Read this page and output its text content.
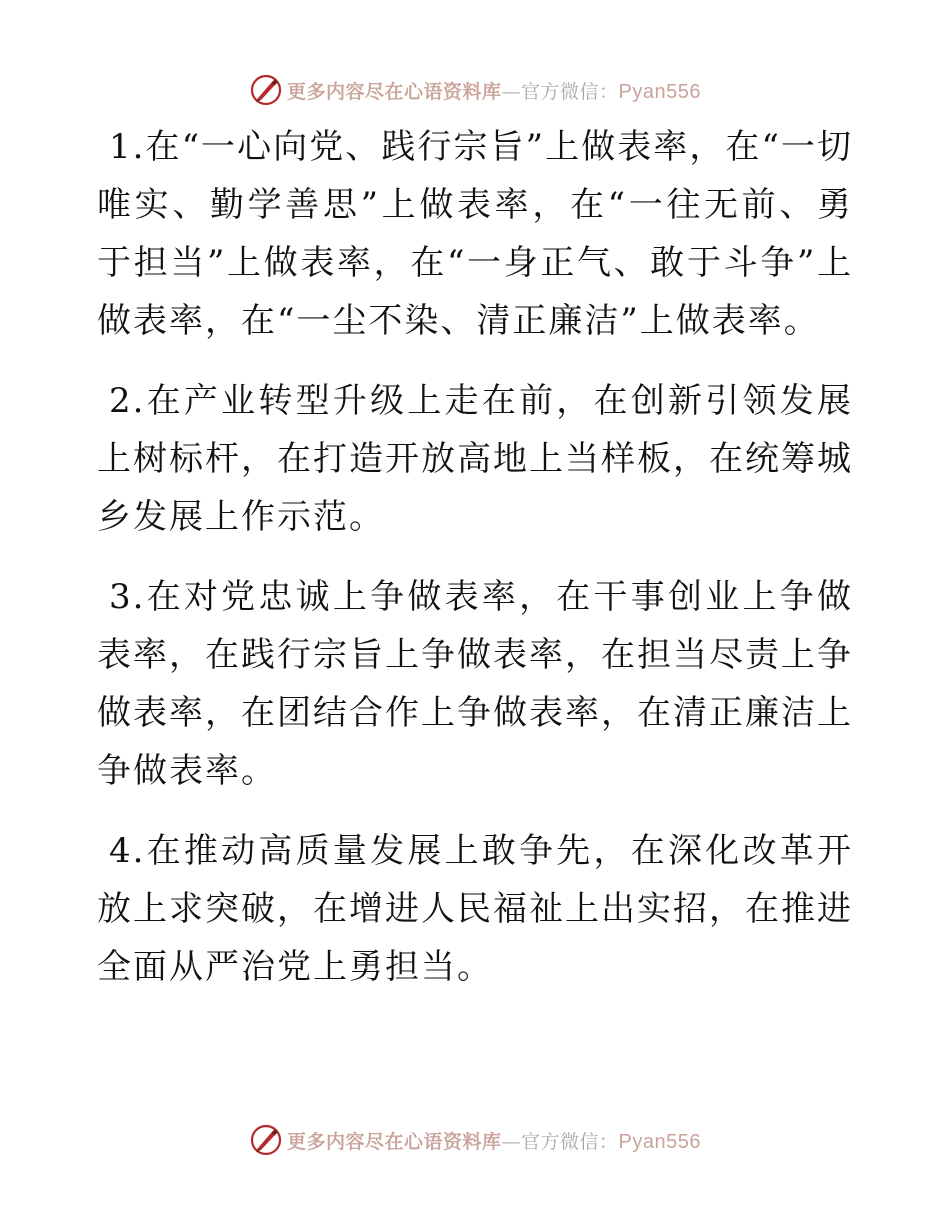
更多内容尽在心语资料库—官方微信：Pyan556

1.在“一心向党、践行宗旨”上做表率，在“一切唯实、勤学善思”上做表率，在“一往无前、勇于担当”上做表率，在“一身正气、敢于斗争”上做表率，在“一尘不染、清正廉洁”上做表率。

2.在产业转型升级上走在前，在创新引领发展上树标杆，在打造开放高地上当样板，在统筹城乡发展上作示范。

3.在对党忠诚上争做表率，在干事创业上争做表率，在践行宗旨上争做表率，在担当尽责上争做表率，在团结合作上争做表率，在清正廉洁上争做表率。

4.在推动高质量发展上敢争先，在深化改革开放上求突破，在增进人民福祉上出实招，在推进全面从严治党上勇担当。

更多内容尽在心语资料库—官方微信：Pyan556
